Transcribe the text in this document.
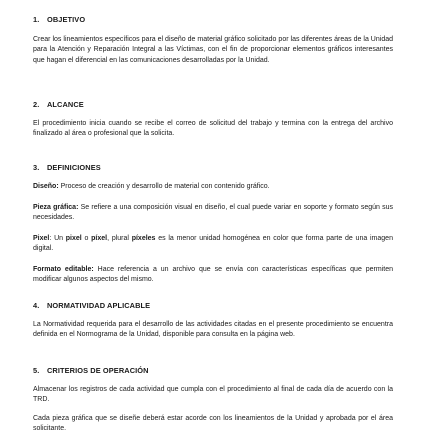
1. OBJETIVO

Crear los lineamientos específicos para el diseño de material gráfico solicitado por las diferentes áreas de la Unidad para la Atención y Reparación Integral a las Víctimas, con el fin de proporcionar elementos gráficos interesantes que hagan el diferencial en las comunicaciones desarrolladas por la Unidad.

2. ALCANCE

El procedimiento inicia cuando se recibe el correo de solicitud del trabajo y termina con la entrega del archivo finalizado al área o profesional que la solicita.

3. DEFINICIONES

Diseño: Proceso de creación y desarrollo de material con contenido gráfico.

Pieza gráfica: Se refiere a una composición visual en diseño, el cual puede variar en soporte y formato según sus necesidades.

Pixel: Un pixel o píxel, plural píxeles es la menor unidad homogénea en color que forma parte de una imagen digital.

Formato editable: Hace referencia a un archivo que se envía con características específicas que permiten modificar algunos aspectos del mismo.

4. NORMATIVIDAD APLICABLE

La Normatividad requerida para el desarrollo de las actividades citadas en el presente procedimiento se encuentra definida en el Normograma de la Unidad, disponible para consulta en la página web.

5. CRITERIOS DE OPERACIÓN

Almacenar los registros de cada actividad que cumpla con el procedimiento al final de cada día de acuerdo con la TRD.

Cada pieza gráfica que se diseñe deberá estar acorde con los lineamientos de la Unidad y aprobada por el área solicitante.
